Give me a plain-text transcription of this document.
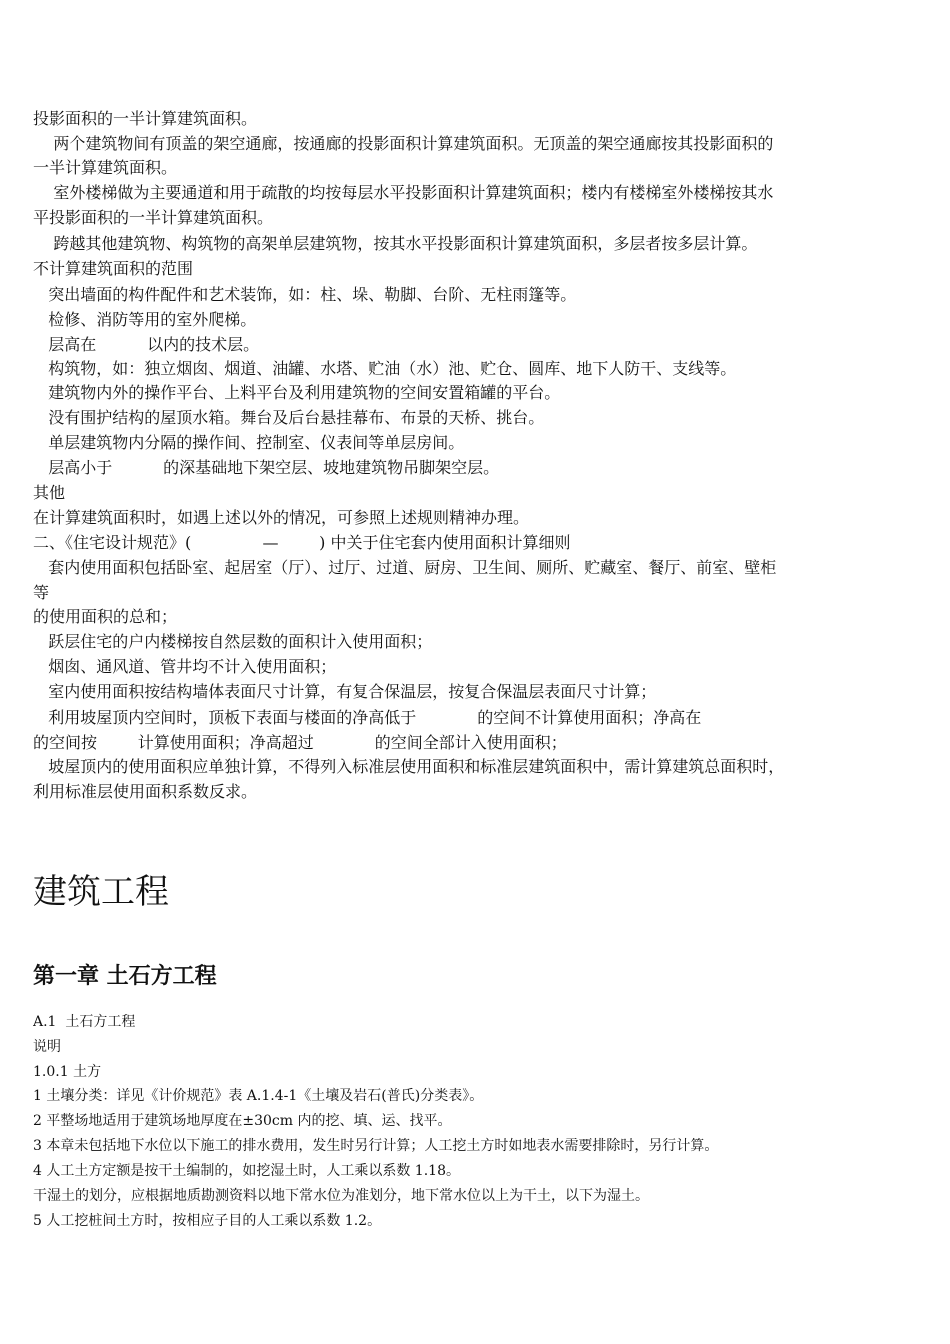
投影面积的一半计算建筑面积。
两个建筑物间有顶盖的架空通廊，按通廊的投影面积计算建筑面积。无顶盖的架空通廊按其投影面积的
一半计算建筑面积。
室外楼梯做为主要通道和用于疏散的均按每层水平投影面积计算建筑面积；楼内有楼梯室外楼梯按其水
平投影面积的一半计算建筑面积。
跨越其他建筑物、构筑物的高架单层建筑物，按其水平投影面积计算建筑面积，多层者按多层计算。
不计算建筑面积的范围
突出墙面的构件配件和艺术装饰，如：柱、垛、勒脚、台阶、无柱雨篷等。
检修、消防等用的室外爬梯。
层高在          以内的技术层。
构筑物，如：独立烟囱、烟道、油罐、水塔、贮油（水）池、贮仓、圆库、地下人防干、支线等。
建筑物内外的操作平台、上料平台及利用建筑物的空间安置箱罐的平台。
没有围护结构的屋顶水箱。舞台及后台悬挂幕布、布景的天桥、挑台。
单层建筑物内分隔的操作间、控制室、仪表间等单层房间。
层高小于          的深基础地下架空层、坡地建筑物吊脚架空层。
其他
在计算建筑面积时，如遇上述以外的情况，可参照上述规则精神办理。
二、《住宅设计规范》(              —        ) 中关于住宅套内使用面积计算细则
套内使用面积包括卧室、起居室（厅）、过厅、过道、厨房、卫生间、厕所、贮藏室、餐厅、前室、壁柜
等
的使用面积的总和；
跃层住宅的户内楼梯按自然层数的面积计入使用面积；
烟囱、通风道、管井均不计入使用面积；
室内使用面积按结构墙体表面尺寸计算，有复合保温层，按复合保温层表面尺寸计算；
利用坡屋顶内空间时，顶板下表面与楼面的净高低于            的空间不计算使用面积；净高在
的空间按        计算使用面积；净高超过            的空间全部计入使用面积；
坡屋顶内的使用面积应单独计算，不得列入标准层使用面积和标准层建筑面积中，需计算建筑总面积时，
利用标准层使用面积系数反求。
建筑工程
第一章 土石方工程
A.1  土石方工程
说明
1.0.1 土方
1 土壤分类：详见《计价规范》表 A.1.4-1《土壤及岩石(普氏)分类表》。
2 平整场地适用于建筑场地厚度在±30cm 内的挖、填、运、找平。
3 本章未包括地下水位以下施工的排水费用，发生时另行计算；人工挖土方时如地表水需要排除时，另行计算。
4 人工土方定额是按干土编制的，如挖湿土时，人工乘以系数 1.18。
干湿土的划分，应根据地质勘测资料以地下常水位为准划分，地下常水位以上为干土，以下为湿土。
5 人工挖桩间土方时，按相应子目的人工乘以系数 1.2。
